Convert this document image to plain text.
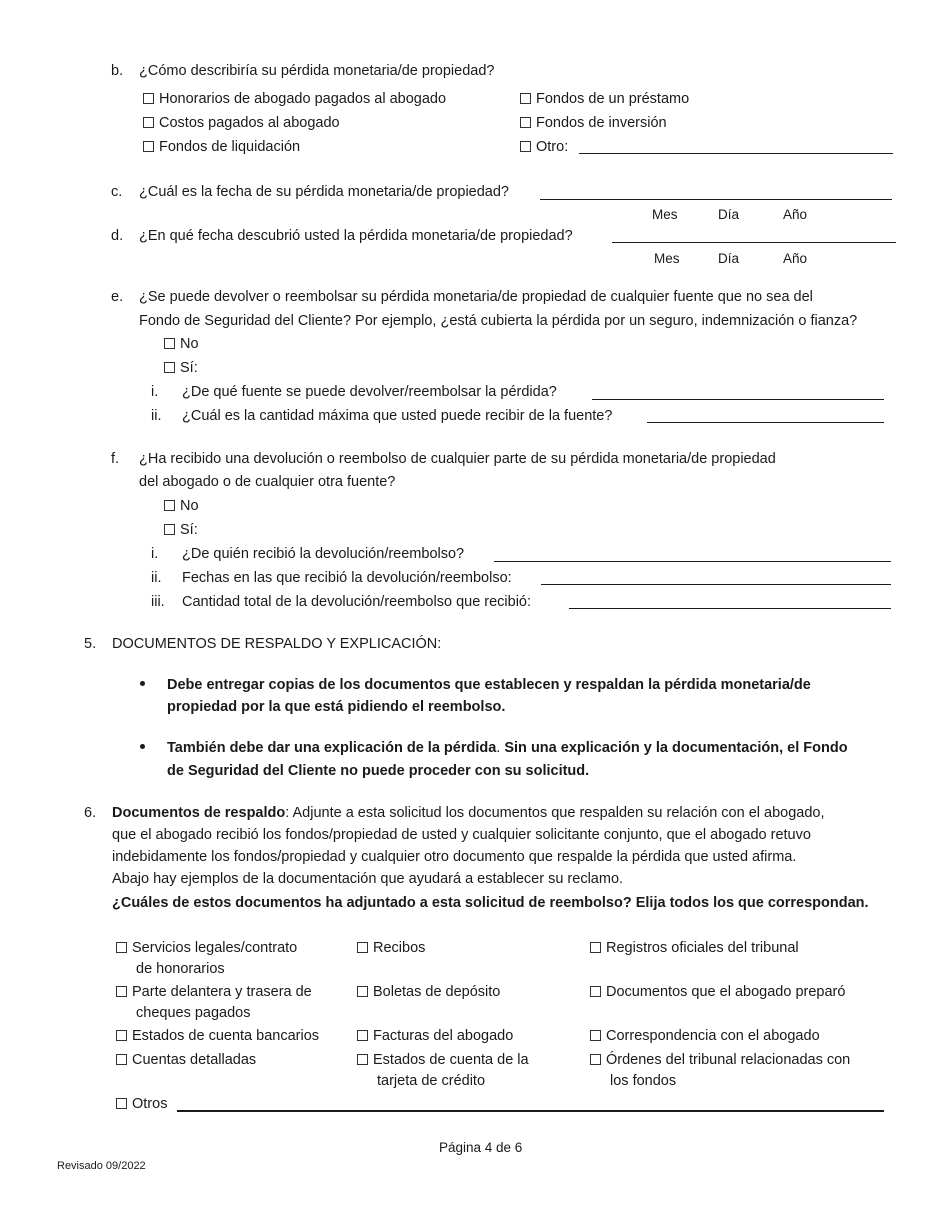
b. ¿Cómo describiría su pérdida monetaria/de propiedad?
Honorarios de abogado pagados al abogado
Costos pagados al abogado
Fondos de liquidación
Fondos de un préstamo
Fondos de inversión
Otro:
c. ¿Cuál es la fecha de su pérdida monetaria/de propiedad?
Mes	Día	Año
d. ¿En qué fecha descubrió usted la pérdida monetaria/de propiedad?
Mes	Día	Año
e. ¿Se puede devolver o reembolsar su pérdida monetaria/de propiedad de cualquier fuente que no sea del
Fondo de Seguridad del Cliente? Por ejemplo, ¿está cubierta la pérdida por un seguro, indemnización o fianza?
No
Sí:
i. ¿De qué fuente se puede devolver/reembolsar la pérdida?
ii. ¿Cuál es la cantidad máxima que usted puede recibir de la fuente?
f. ¿Ha recibido una devolución o reembolso de cualquier parte de su pérdida monetaria/de propiedad
del abogado o de cualquier otra fuente?
No
Sí:
i. ¿De quién recibió la devolución/reembolso?
ii. Fechas en las que recibió la devolución/reembolso:
iii. Cantidad total de la devolución/reembolso que recibió:
5. DOCUMENTOS DE RESPALDO Y EXPLICACIÓN:
Debe entregar copias de los documentos que establecen y respaldan la pérdida monetaria/de
propiedad por la que está pidiendo el reembolso.
También debe dar una explicación de la pérdida. Sin una explicación y la documentación, el Fondo
de Seguridad del Cliente no puede proceder con su solicitud.
6. Documentos de respaldo: Adjunte a esta solicitud los documentos que respalden su relación con el abogado,
que el abogado recibió los fondos/propiedad de usted y cualquier solicitante conjunto, que el abogado retuvo
indebidamente los fondos/propiedad y cualquier otro documento que respalde la pérdida que usted afirma.
Abajo hay ejemplos de la documentación que ayudará a establecer su reclamo.
¿Cuáles de estos documentos ha adjuntado a esta solicitud de reembolso? Elija todos los que correspondan.
Servicios legales/contrato
de honorarios
Parte delantera y trasera de
cheques pagados
Estados de cuenta bancarios
Cuentas detalladas
Recibos
Boletas de depósito
Facturas del abogado
Estados de cuenta de la
tarjeta de crédito
Registros oficiales del tribunal
Documentos que el abogado preparó
Correspondencia con el abogado
Órdenes del tribunal relacionadas con
los fondos
Otros
Página 4 de 6
Revisado 09/2022
